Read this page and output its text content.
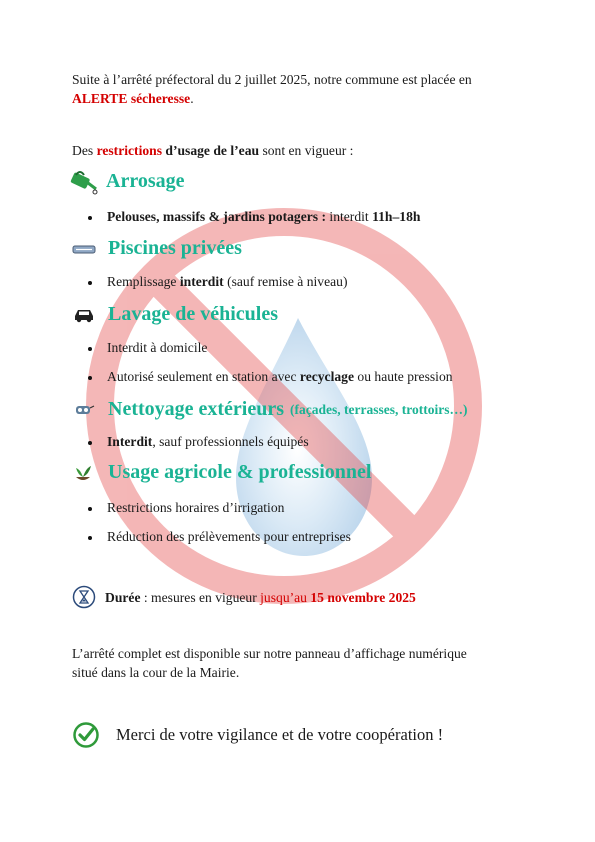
Suite à l’arrêté préfectoral du 2 juillet 2025, notre commune est placée en
ALERTE sécheresse.
Des restrictions d’usage de l’eau sont en vigueur :
Arrosage
Pelouses, massifs & jardins potagers : interdit 11h–18h
Piscines privées
Remplissage interdit (sauf remise à niveau)
Lavage de véhicules
Interdit à domicile
Autorisé seulement en station avec recyclage ou haute pression
Nettoyage extérieurs (façades, terrasses, trottoirs…)
Interdit, sauf professionnels équipés
Usage agricole & professionnel
Restrictions horaires d’irrigation
Réduction des prélèvements pour entreprises
Durée : mesures en vigueur jusqu’au 15 novembre 2025
L’arrêté complet est disponible sur notre panneau d’affichage numérique
situé dans la cour de la Mairie.
Merci de votre vigilance et de votre coopération !
